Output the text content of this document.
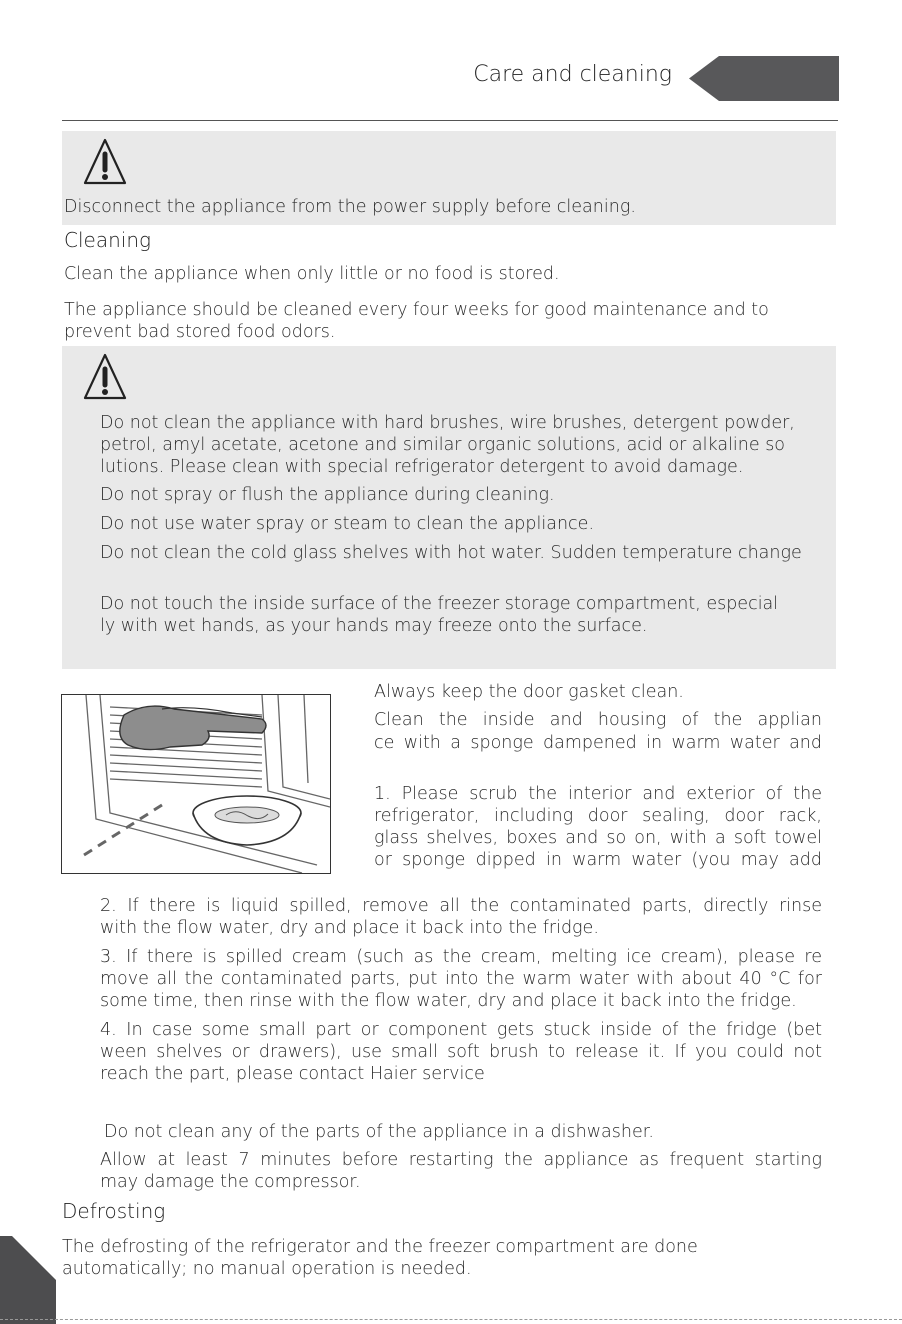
Care and cleaning
Disconnect the appliance from the power supply before cleaning.
Cleaning
Clean the appliance when only little or no food is stored.
The appliance should be cleaned every four weeks for good maintenance and to
prevent bad stored food odors.
Do not clean the appliance with hard brushes, wire brushes, detergent powder,
petrol, amyl acetate, acetone and similar organic solutions, acid or alkaline so
lutions. Please clean with special refrigerator detergent to avoid damage.
Do not spray or flush the appliance during cleaning.
Do not use water spray or steam to clean the appliance.
Do not clean the cold glass shelves with hot water. Sudden temperature change
Do not touch the inside surface of the freezer storage compartment, especial
ly with wet hands, as your hands may freeze onto the surface.
Always keep the door gasket clean.
Clean the inside and housing of the applian
ce with a sponge dampened in warm water and
1. Please scrub the interior and exterior of the
refrigerator, including door sealing, door rack,
glass shelves, boxes and so on, with a soft towel
or sponge dipped in warm water (you may add
2. If there is liquid spilled, remove all the contaminated parts, directly rinse
with the flow water, dry and place it back into the fridge.
3. If there is spilled cream (such as the cream, melting ice cream), please re
move all the contaminated parts, put into the warm water with about 40 °C for
some time, then rinse with the flow water, dry and place it back into the fridge.
4. In case some small part or component gets stuck inside of the fridge (bet
ween shelves or drawers), use small soft brush to release it. If you could not
reach the part, please contact Haier service
Do not clean any of the parts of the appliance in a dishwasher.
Allow at least 7 minutes before restarting the appliance as frequent starting
may damage the compressor.
Defrosting
The defrosting of the refrigerator and the freezer compartment are done
automatically; no manual operation is needed.
